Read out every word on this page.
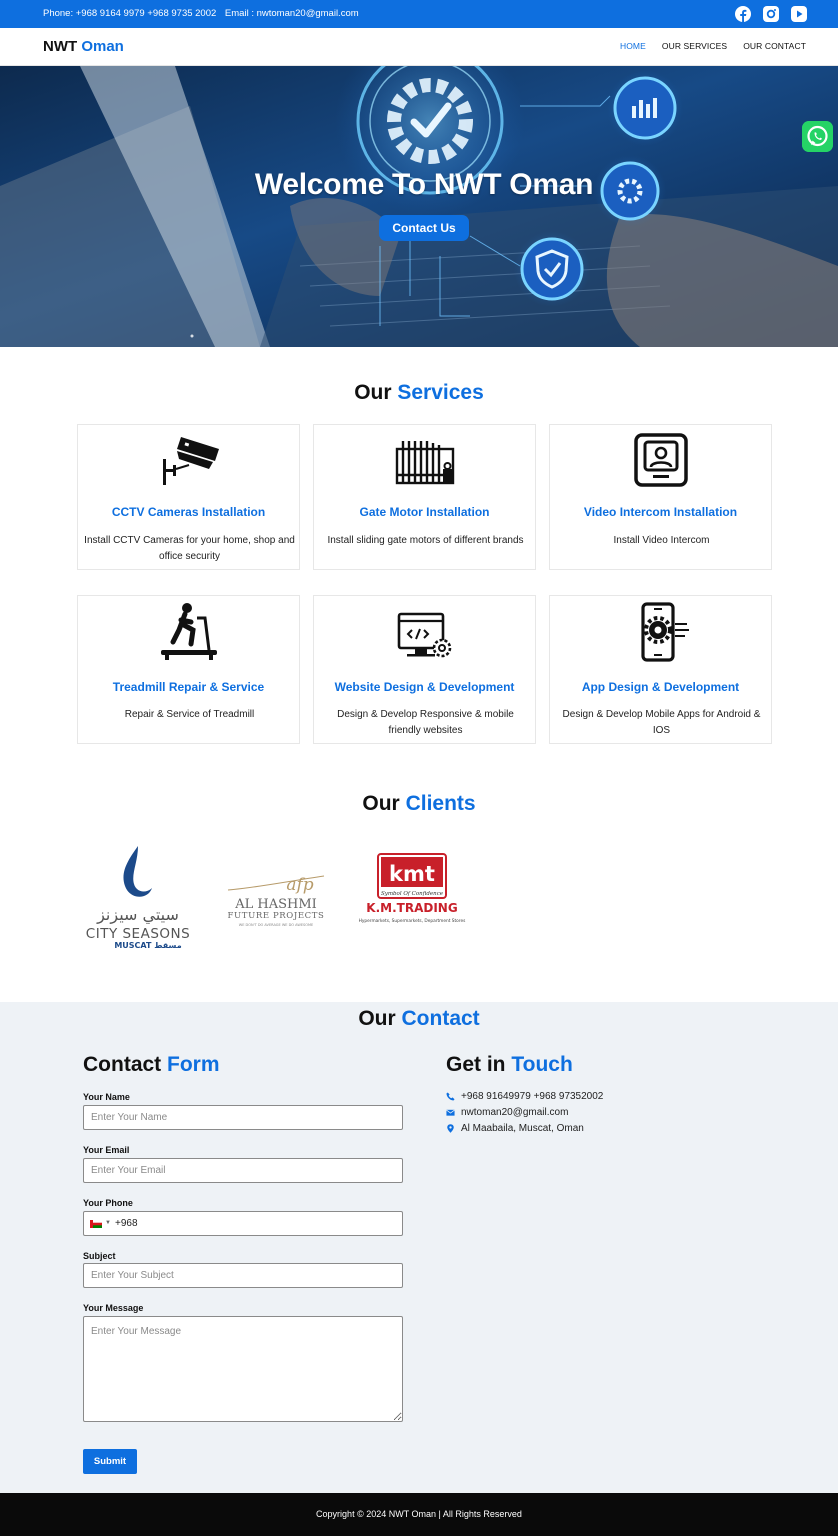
Phone: +968 9164 9979 +968 9735 2002 Email : nwtoman20@gmail.com
NWT Oman	HOME OUR SERVICES OUR CONTACT
Welcome To NWT Oman
Contact Us
Our Services
CCTV Cameras Installation
Install CCTV Cameras for your home, shop and office security
Gate Motor Installation
Install sliding gate motors of different brands
Video Intercom Installation
Install Video Intercom
Treadmill Repair & Service
Repair & Service of Treadmill
Website Design & Development
Design & Develop Responsive & mobile friendly websites
App Design & Development
Design & Develop Mobile Apps for Android & IOS
Our Clients
سيتي سيزنز
CITY SEASONS
MUSCAT مسقط
afp
AL HASHMI
FUTURE PROJECTS
WE DON'T DO AVERAGE WE DO AWESOME
kmt
Symbol Of Confidence
K.M.TRADING
Hypermarkets, Supermarkets, Department Stores
Our Contact
Contact Form
Your Name
Enter Your Name
Your Email
Enter Your Email
Your Phone
▼
+968
Subject
Enter Your Subject
Your Message
Enter Your Message
Submit
Get in Touch
+968 91649979 +968 97352002
nwtoman20@gmail.com
Al Maabaila, Muscat, Oman
Copyright © 2024 NWT Oman | All Rights Reserved
